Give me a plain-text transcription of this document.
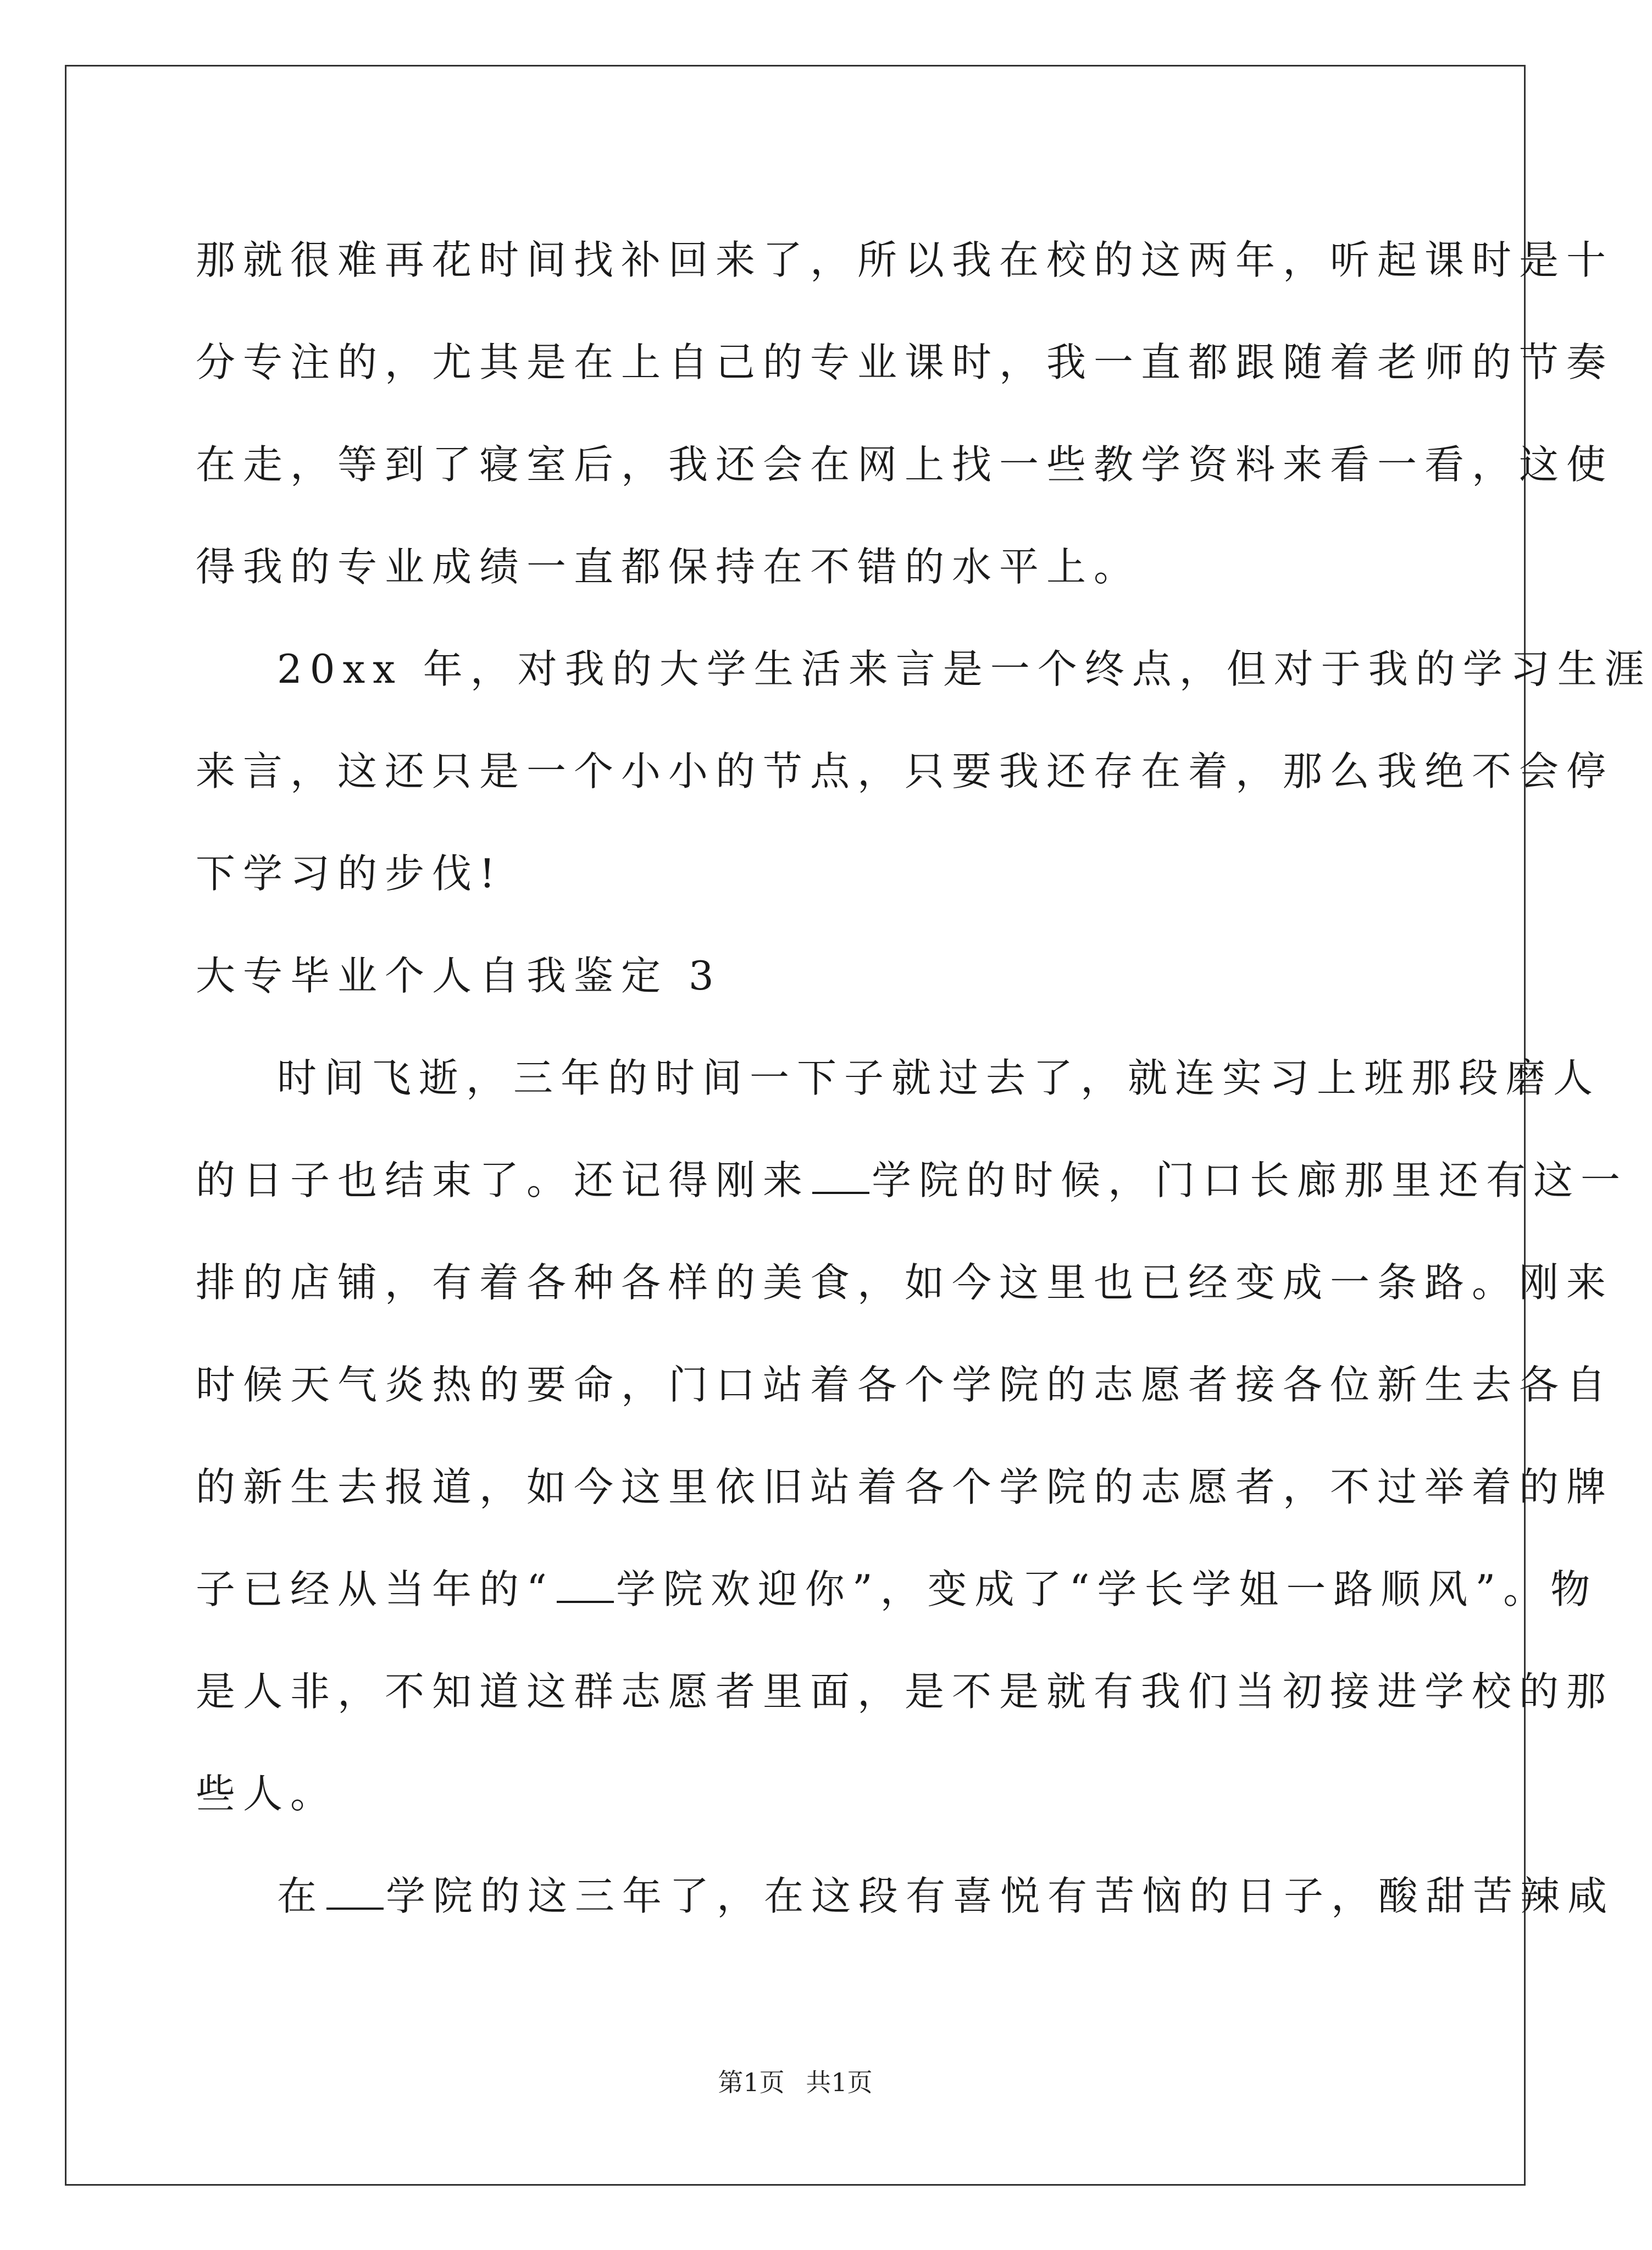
那就很难再花时间找补回来了，所以我在校的这两年，听起课时是十
分专注的，尤其是在上自己的专业课时，我一直都跟随着老师的节奏
在走，等到了寝室后，我还会在网上找一些教学资料来看一看，这使
得我的专业成绩一直都保持在不错的水平上。
20xx 年，对我的大学生活来言是一个终点，但对于我的学习生涯
来言，这还只是一个小小的节点，只要我还存在着，那么我绝不会停
下学习的步伐!
大专毕业个人自我鉴定 3
时间飞逝，三年的时间一下子就过去了，就连实习上班那段磨人
的日子也结束了。还记得刚来 学院的时候，门口长廊那里还有这一
排的店铺，有着各种各样的美食，如今这里也已经变成一条路。刚来
时候天气炎热的要命，门口站着各个学院的志愿者接各位新生去各自
的新生去报道，如今这里依旧站着各个学院的志愿者，不过举着的牌
子已经从当年的“ 学院欢迎你”，变成了“学长学姐一路顺风”。物
是人非，不知道这群志愿者里面，是不是就有我们当初接进学校的那
些人。
在 学院的这三年了，在这段有喜悦有苦恼的日子，酸甜苦辣咸
第1页 共1页
